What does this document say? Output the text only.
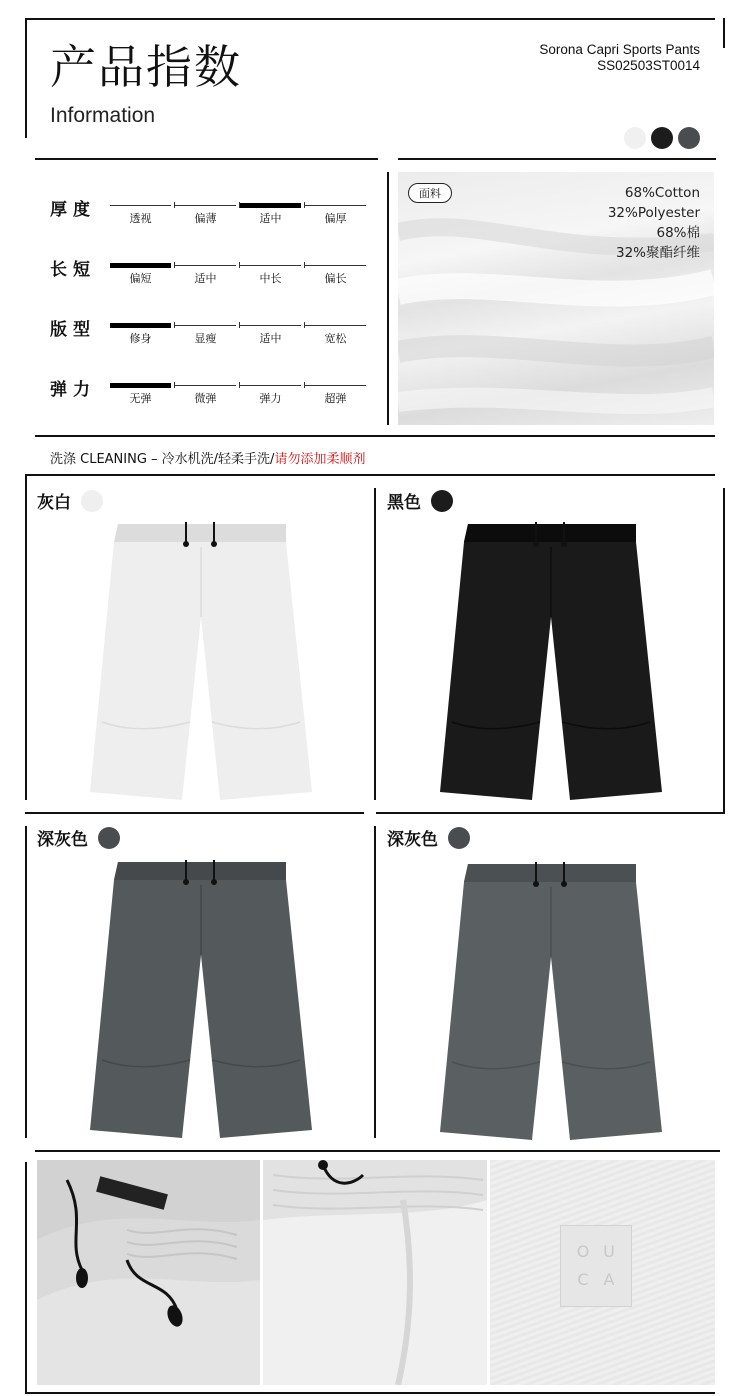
产品指数
Information
Sorona Capri Sports Pants
SS02503ST0014
厚度	透视	偏薄	适中	偏厚
长短	偏短	适中	中长	偏长
版型	修身	显瘦	适中	宽松
弹力	无弹	微弹	弹力	超弹
面料	68%Cotton
32%Polyester
68%棉
32%聚酯纤维
洗涤 CLEANING – 冷水机洗/轻柔手洗/请勿添加柔顺剂
灰白	黑色
深灰色	深灰色
O U
C A
